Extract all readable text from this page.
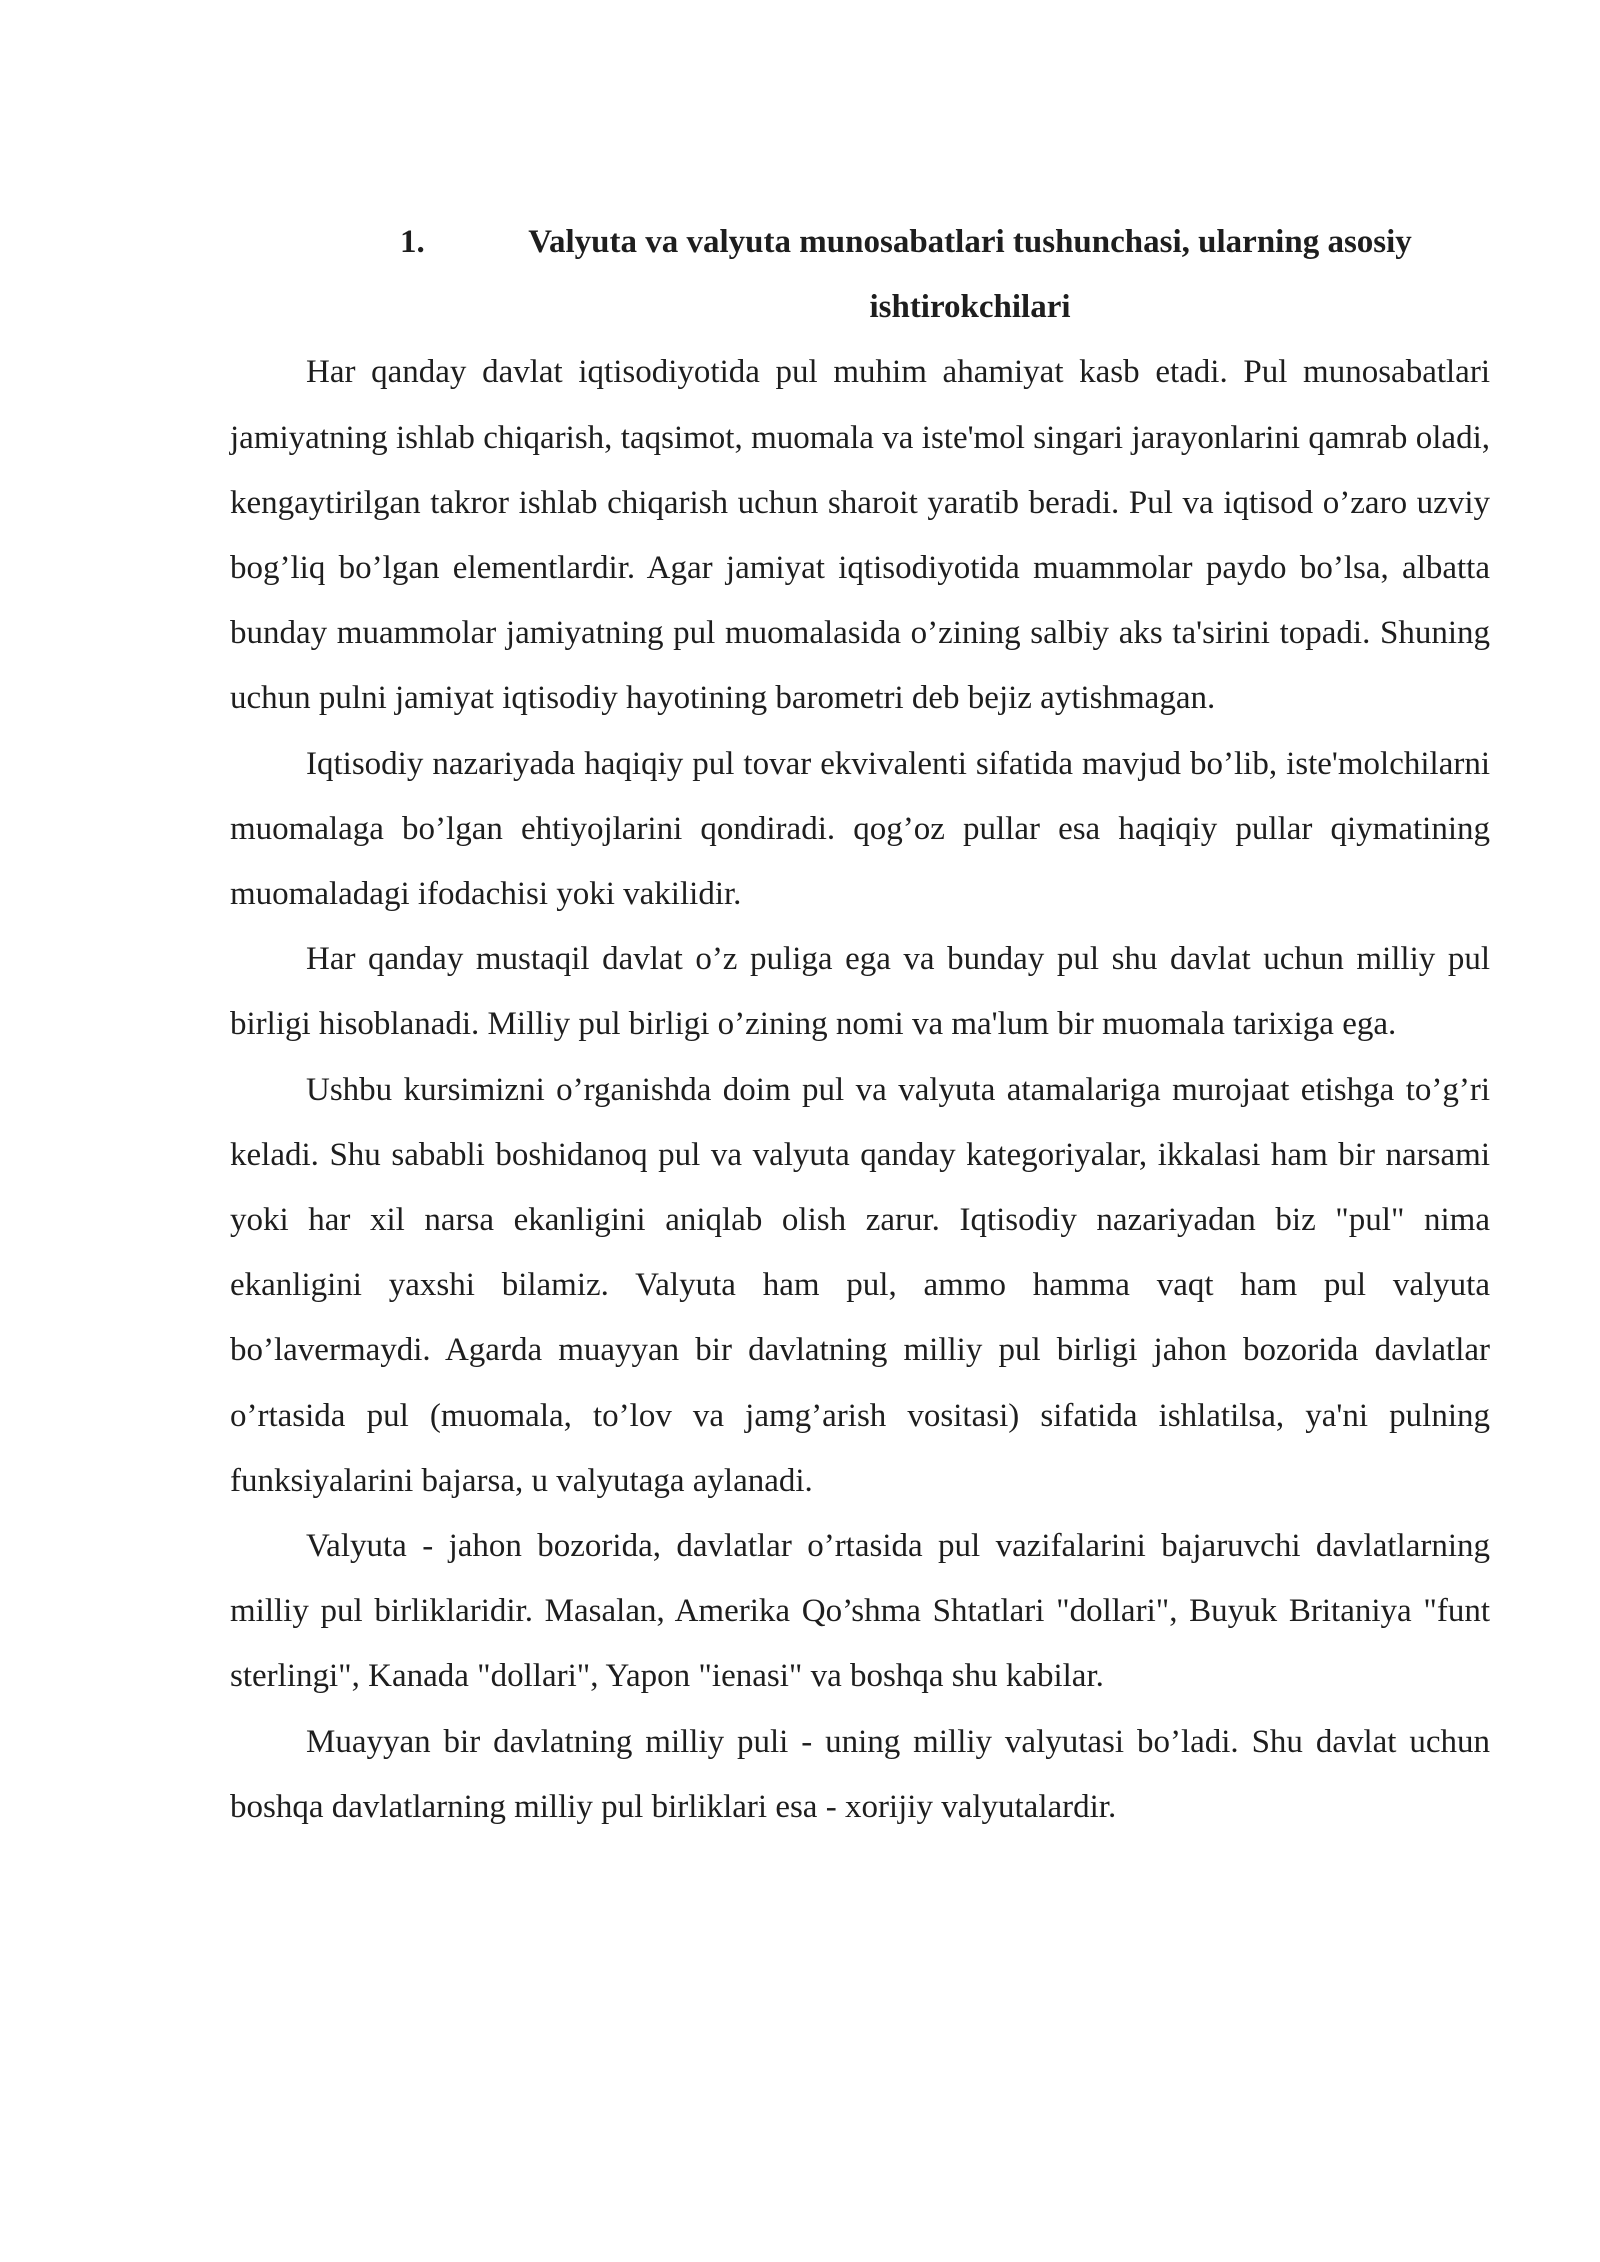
1.	Valyuta va valyuta munosabatlari tushunchasi, ularning asosiy ishtirokchilari

Har qanday davlat iqtisodiyotida pul muhim ahamiyat kasb etadi. Pul munosabatlari jamiyatning ishlab chiqarish, taqsimot, muomala va iste'mol singari jarayonlarini qamrab oladi, kengaytirilgan takror ishlab chiqarish uchun sharoit yaratib beradi. Pul va iqtisod o’zaro uzviy bog’liq bo’lgan elementlardir. Agar jamiyat iqtisodiyotida muammolar paydo bo’lsa, albatta bunday muammolar jamiyatning pul muomalasida o’zining salbiy aks ta'sirini topadi. Shuning uchun pulni jamiyat iqtisodiy hayotining barometri deb bejiz aytishmagan.

Iqtisodiy nazariyada haqiqiy pul tovar ekvivalenti sifatida mavjud bo’lib, iste'molchilarni muomalaga bo’lgan ehtiyojlarini qondiradi. qog’oz pullar esa haqiqiy pullar qiymatining muomaladagi ifodachisi yoki vakilidir.

Har qanday mustaqil davlat o’z puliga ega va bunday pul shu davlat uchun milliy pul birligi hisoblanadi. Milliy pul birligi o’zining nomi va ma'lum bir muomala tarixiga ega.

Ushbu kursimizni o’rganishda doim pul va valyuta atamalariga murojaat etishga to’g’ri keladi. Shu sababli boshidanoq pul va valyuta qanday kategoriyalar, ikkalasi ham bir narsami yoki har xil narsa ekanligini aniqlab olish zarur. Iqtisodiy nazariyadan biz "pul" nima ekanligini yaxshi bilamiz. Valyuta ham pul, ammo hamma vaqt ham pul valyuta bo’lavermaydi. Agarda muayyan bir davlatning milliy pul birligi jahon bozorida davlatlar o’rtasida pul (muomala, to’lov va jamg’arish vositasi) sifatida ishlatilsa, ya'ni pulning funksiyalarini bajarsa, u valyutaga aylanadi.

Valyuta - jahon bozorida, davlatlar o’rtasida pul vazifalarini bajaruvchi davlatlarning milliy pul birliklaridir. Masalan, Amerika Qo’shma Shtatlari "dollari", Buyuk Britaniya "funt sterlingi", Kanada "dollari", Yapon "ienasi" va boshqa shu kabilar.

Muayyan bir davlatning milliy puli - uning milliy valyutasi bo’ladi. Shu davlat uchun boshqa davlatlarning milliy pul birliklari esa - xorijiy valyutalardir.
